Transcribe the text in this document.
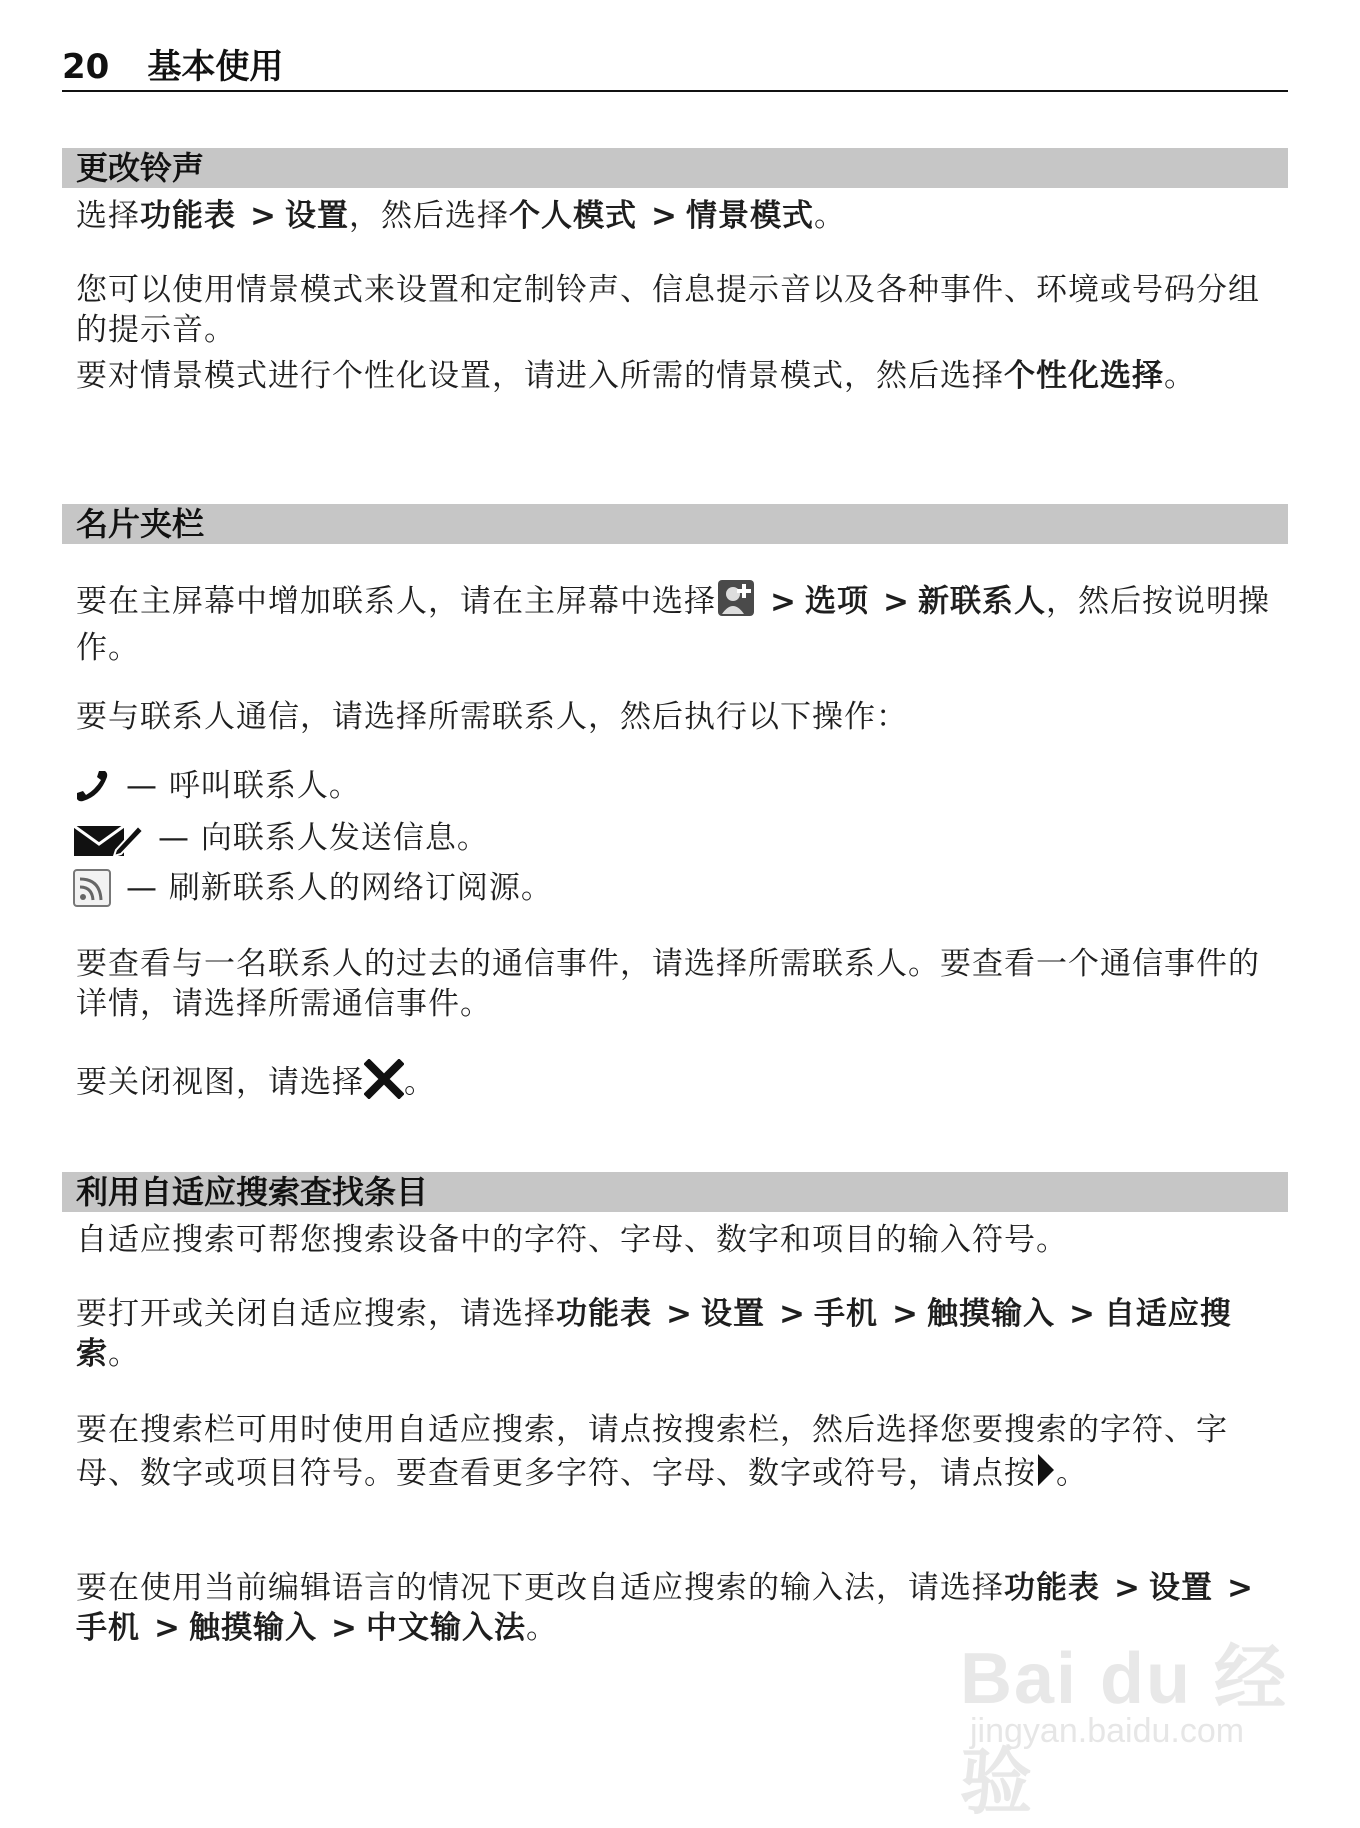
20 基本使用
更改铃声

选择功能表 > 设置，然后选择个人模式 > 情景模式。

您可以使用情景模式来设置和定制铃声、信息提示音以及各种事件、环境或号码分组的提示音。

要对情景模式进行个性化设置，请进入所需的情景模式，然后选择个性化选择。

名片夹栏

要在主屏幕中增加联系人，请在主屏幕中选择 > 选项 > 新联系人，然后按说明操作。

要与联系人通信，请选择所需联系人，然后执行以下操作：

— 呼叫联系人。
— 向联系人发送信息。
— 刷新联系人的网络订阅源。

要查看与一名联系人的过去的通信事件，请选择所需联系人。要查看一个通信事件的详情，请选择所需通信事件。

要关闭视图，请选择 。

利用自适应搜索查找条目

自适应搜索可帮您搜索设备中的字符、字母、数字和项目的输入符号。

要打开或关闭自适应搜索，请选择功能表 > 设置 > 手机 > 触摸输入 > 自适应搜索。

要在搜索栏可用时使用自适应搜索，请点按搜索栏，然后选择您要搜索的字符、字母、数字或项目符号。要查看更多字符、字母、数字或符号，请点按 。

要在使用当前编辑语言的情况下更改自适应搜索的输入法，请选择功能表 > 设置 >手机 > 触摸输入 > 中文输入法。

Bai du 经验
jingyan.baidu.com
